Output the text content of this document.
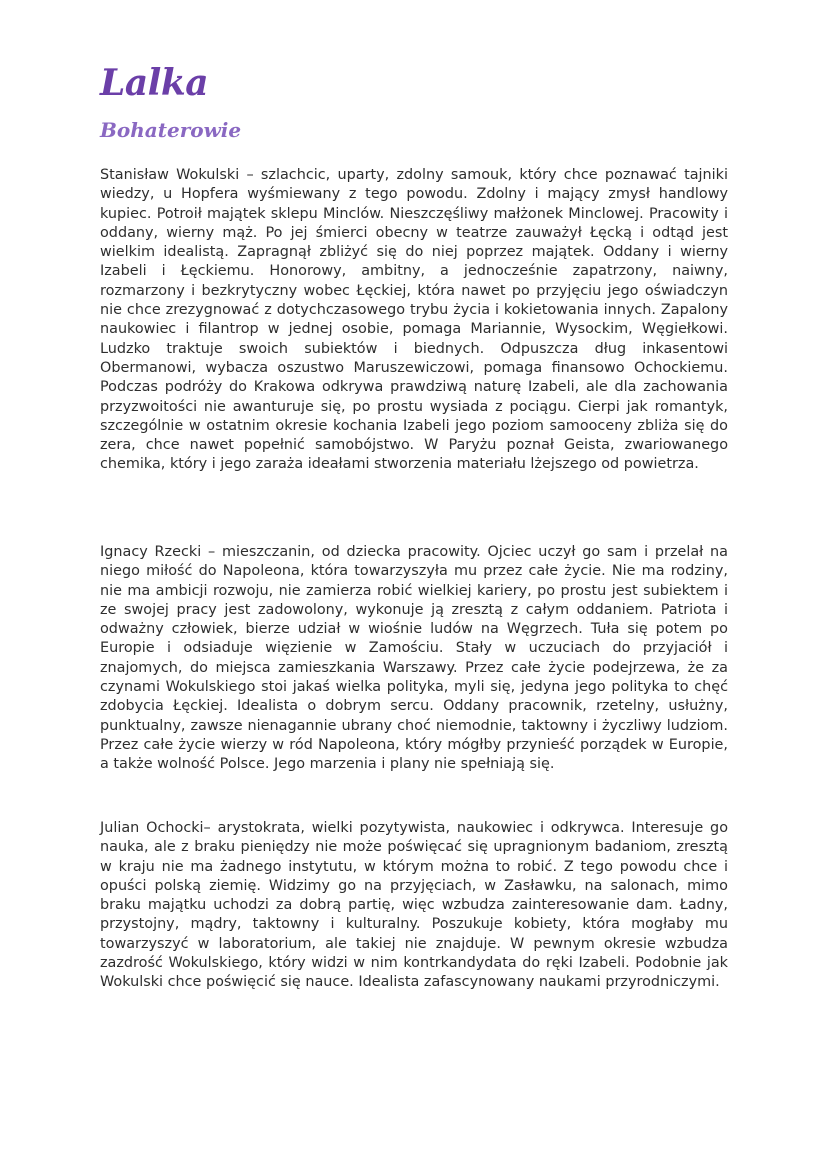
Lalka
Bohaterowie

Stanisław Wokulski – szlachcic, uparty, zdolny samouk, który chce poznawać tajniki wiedzy, u Hopfera wyśmiewany z tego powodu. Zdolny i mający zmysł handlowy kupiec. Potroił majątek sklepu Minclów. Nieszczęśliwy małżonek Minclowej. Pracowity i oddany, wierny mąż. Po jej śmierci obecny w teatrze zauważył Łęcką i odtąd jest wielkim idealistą. Zapragnął zbliżyć się do niej poprzez majątek. Oddany i wierny Izabeli i Łęckiemu. Honorowy, ambitny, a jednocześnie zapatrzony, naiwny, rozmarzony i bezkrytyczny wobec Łęckiej, która nawet po przyjęciu jego oświadczyn nie chce zrezygnować z dotychczasowego trybu życia i kokietowania innych. Zapalony naukowiec i filantrop w jednej osobie, pomaga Mariannie, Wysockim, Węgiełkowi. Ludzko traktuje swoich subiektów i biednych. Odpuszcza dług inkasentowi Obermanowi, wybacza oszustwo Maruszewiczowi, pomaga finansowo Ochockiemu. Podczas podróży do Krakowa odkrywa prawdziwą naturę Izabeli, ale dla zachowania przyzwoitości nie awanturuje się, po prostu wysiada z pociągu. Cierpi jak romantyk, szczególnie w ostatnim okresie kochania Izabeli jego poziom samooceny zbliża się do zera, chce nawet popełnić samobójstwo. W Paryżu poznał Geista, zwariowanego chemika, który i jego zaraża ideałami stworzenia materiału lżejszego od powietrza.

Ignacy Rzecki – mieszczanin, od dziecka pracowity. Ojciec uczył go sam i przelał na niego miłość do Napoleona, która towarzyszyła mu przez całe życie. Nie ma rodziny, nie ma ambicji rozwoju, nie zamierza robić wielkiej kariery, po prostu jest subiektem i ze swojej pracy jest zadowolony, wykonuje ją zresztą z całym oddaniem. Patriota i odważny człowiek, bierze udział w wiośnie ludów na Węgrzech. Tuła się potem po Europie i odsiaduje więzienie w Zamościu. Stały w uczuciach do przyjaciół i znajomych, do miejsca zamieszkania Warszawy. Przez całe życie podejrzewa, że za czynami Wokulskiego stoi jakaś wielka polityka, myli się, jedyna jego polityka to chęć zdobycia Łęckiej. Idealista o dobrym sercu. Oddany pracownik, rzetelny, usłużny, punktualny, zawsze nienagannie ubrany choć niemodnie, taktowny i życzliwy ludziom. Przez całe życie wierzy w ród Napoleona, który mógłby przynieść porządek w Europie, a także wolność Polsce. Jego marzenia i plany nie spełniają się.

Julian Ochocki– arystokrata, wielki pozytywista, naukowiec i odkrywca. Interesuje go nauka, ale z braku pieniędzy nie może poświęcać się upragnionym badaniom, zresztą w kraju nie ma żadnego instytutu, w którym można to robić. Z tego powodu chce i opuści polską ziemię. Widzimy go na przyjęciach, w Zasławku, na salonach, mimo braku majątku uchodzi za dobrą partię, więc wzbudza zainteresowanie dam. Ładny, przystojny, mądry, taktowny i kulturalny. Poszukuje kobiety, która mogłaby mu towarzyszyć w laboratorium, ale takiej nie znajduje. W pewnym okresie wzbudza zazdrość Wokulskiego, który widzi w nim kontrkandydata do ręki Izabeli. Podobnie jak Wokulski chce poświęcić się nauce. Idealista zafascynowany naukami przyrodniczymi.
